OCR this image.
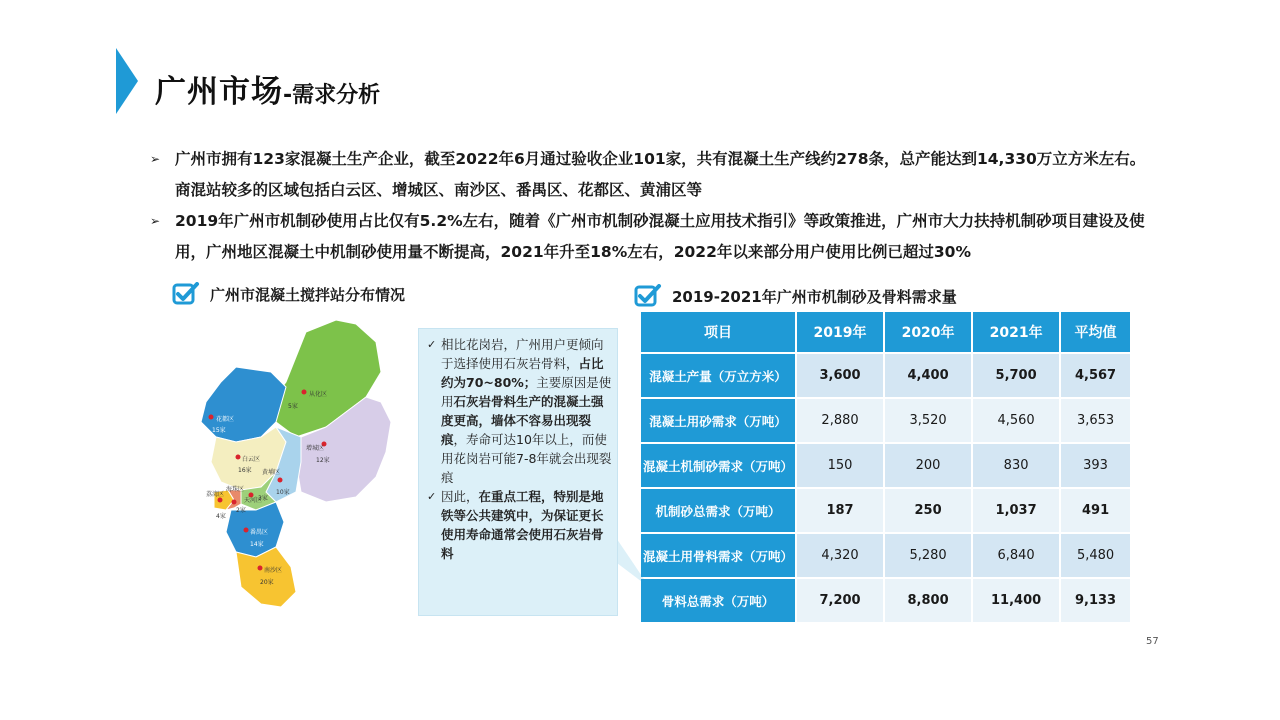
广州市场-需求分析
➢ 广州市拥有123家混凝土生产企业，截至2022年6月通过验收企业101家，共有混凝土生产线约278条，总产能达到14,330万立方米左右。商混站较多的区域包括白云区、增城区、南沙区、番禺区、花都区、黄浦区等
➢ 2019年广州市机制砂使用占比仅有5.2%左右，随着《广州市机制砂混凝土应用技术指引》等政策推进，广州市大力扶持机制砂项目建设及使用，广州地区混凝土中机制砂使用量不断提高，2021年升至18%左右，2022年以来部分用户使用比例已超过30%
广州市混凝土搅拌站分布情况
从化区
5家
花都区
15家
白云区
16家
增城区
12家
黄埔区
10家
天河区
3家
荔湾区
4家
海珠区
2家
番禺区
14家
南沙区
20家

✓ 相比花岗岩，广州用户更倾向于选择使用石灰岩骨料，占比约为70~80%；主要原因是使用石灰岩骨料生产的混凝土强度更高，墙体不容易出现裂痕，寿命可达10年以上，而使用花岗岩可能7-8年就会出现裂痕

✓ 因此，在重点工程，特别是地铁等公共建筑中，为保证更长使用寿命通常会使用石灰岩骨料

2019-2021年广州市机制砂及骨料需求量
项目	2019年	2020年	2021年	平均值
混凝土产量（万立方米）	3,600	4,400	5,700	4,567
混凝土用砂需求（万吨）	2,880	3,520	4,560	3,653
混凝土机制砂需求（万吨）	150	200	830	393
机制砂总需求（万吨）	187	250	1,037	491
混凝土用骨料需求（万吨）	4,320	5,280	6,840	5,480
骨料总需求（万吨）	7,200	8,800	11,400	9,133
57
